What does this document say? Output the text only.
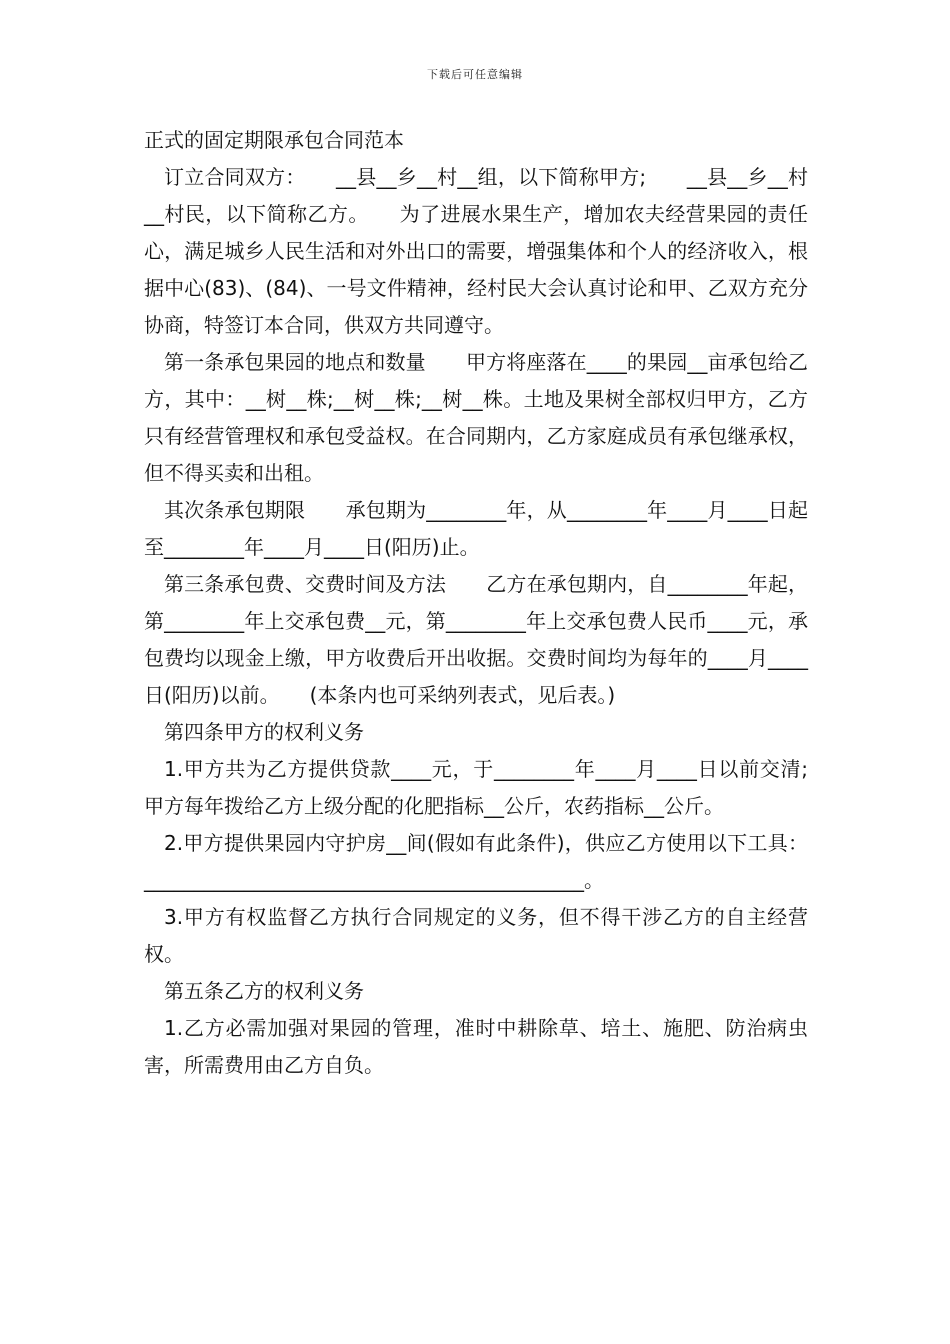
下载后可任意编辑

正式的固定期限承包合同范本

订立合同双方：　　__县__乡__村__组，以下简称甲方;　　__县__乡__村__村民，以下简称乙方。　　为了进展水果生产，增加农夫经营果园的责任心，满足城乡人民生活和对外出口的需要，增强集体和个人的经济收入，根据中心(83)、(84)、一号文件精神，经村民大会认真讨论和甲、乙双方充分协商，特签订本合同，供双方共同遵守。

第一条承包果园的地点和数量　　甲方将座落在____的果园__亩承包给乙方，其中：__树__株;__树__株;__树__株。土地及果树全部权归甲方，乙方只有经营管理权和承包受益权。在合同期内，乙方家庭成员有承包继承权，但不得买卖和出租。

其次条承包期限　　承包期为________年，从________年____月____日起至________年____月____日(阳历)止。

第三条承包费、交费时间及方法　　乙方在承包期内，自________年起，第________年上交承包费__元，第________年上交承包费人民币____元，承包费均以现金上缴，甲方收费后开出收据。交费时间均为每年的____月____日(阳历)以前。　　(本条内也可采纳列表式，见后表。)

第四条甲方的权利义务

1.甲方共为乙方提供贷款____元，于________年____月____日以前交清;甲方每年拨给乙方上级分配的化肥指标__公斤，农药指标__公斤。

2.甲方提供果园内守护房__间(假如有此条件)，供应乙方使用以下工具：____________________________________________。

3.甲方有权监督乙方执行合同规定的义务，但不得干涉乙方的自主经营权。

第五条乙方的权利义务

1.乙方必需加强对果园的管理，准时中耕除草、培土、施肥、防治病虫害，所需费用由乙方自负。
